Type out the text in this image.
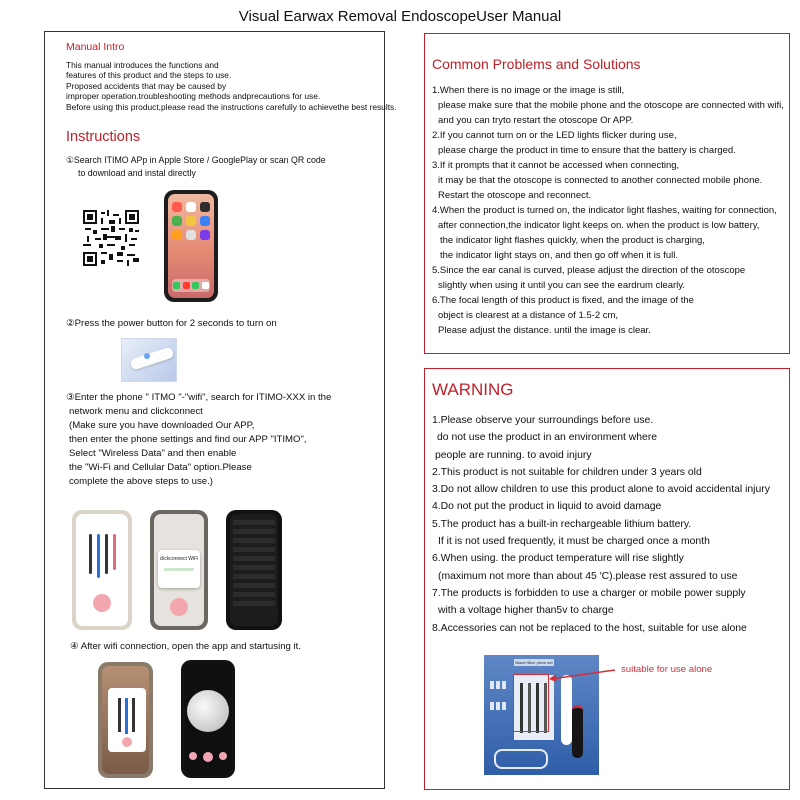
Visual Earwax Removal EndoscopeUser Manual
Manual Intro
This manual introduces the functions and
features of this product and the steps to use.
Proposed accidents that may be caused by
improper operation.troubleshooting methods andprecautions for use.
Before using this product,please read the instructions carefully to achievethe best results.
Instructions
①Search ITIMO APp in Apple Store / GooglePlay or scan QR code
to download and instal directly
②Press the power button for 2 seconds to turn on
③Enter the phone " ITMO "-"wifi", search for ITIMO-XXX in the
network menu and clickconnect
(Make sure you have downloaded Our APP,
then enter the phone settings and find our APP "ITIMO",
Select "Wireless Data" and then enable
the "Wi-Fi and Cellular Data" option.Please
complete the above steps to use.)
clickconnect WiFi
④ After wifi connection, open the app and startusing it.
Common Problems and Solutions
1.When there is no image or the image is still,
please make sure that the mobile phone and the otoscope are connected with wifi,
and you can tryto restart the otoscope Or APP.
2.If you cannot turn on or the LED lights flicker during use,
please charge the product in time to ensure that the battery is charged.
3.If it prompts that it cannot be accessed when connecting,
it may be that the otoscope is connected to another connected mobile phone.
Restart the otoscope and reconnect.
4.When the product is turned on, the indicator light flashes, waiting for connection,
after connection,the indicator light keeps on. when the product is low battery,
the indicator light flashes quickly, when the product is charging,
the indicator light stays on, and then go off when it is full.
5.Since the ear canal is curved, please adjust the direction of the otoscope
slightly when using it until you can see the eardrum clearly.
6.The focal length of this product is fixed, and the image of the
object is clearest at a distance of 1.5-2 cm,
Please adjust the distance. until the image is clear.
WARNING
1.Please observe your surroundings before use.
do not use the product in an environment where
people are running. to avoid injury
2.This product is not suitable for children under 3 years old
3.Do not allow children to use this product alone to avoid accidental injury
4.Do not put the product in liquid to avoid damage
5.The product has a built-in rechargeable lithium battery.
If it is not used frequently, it must be charged once a month
6.When using. the product temperature will rise slightly
(maximum not more than about 45 ′C).please rest assured to use
7.The products is forbidden to use a charger or mobile power supply
with a voltage higher than5v to charge
8.Accessories can not be replaced to the host, suitable for use alone
Black+Blue piece set
suitable for use alone
